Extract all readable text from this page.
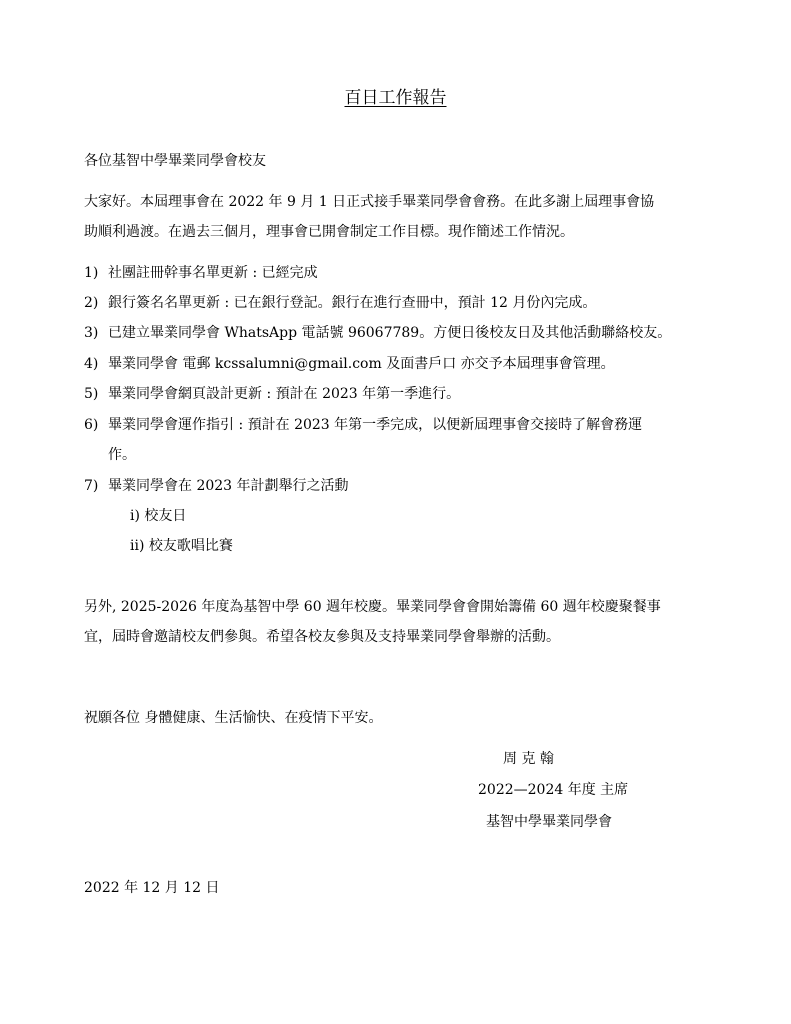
百日工作報告
各位基智中學畢業同學會校友
大家好。本屆理事會在 2022 年 9 月 1 日正式接手畢業同學會會務。在此多謝上屆理事會協
助順利過渡。在過去三個月，理事會已開會制定工作目標。現作簡述工作情況。
1) 社團註冊幹事名單更新 : 已經完成
2) 銀行簽名名單更新 : 已在銀行登記。銀行在進行查冊中，預計 12 月份內完成。
3) 已建立畢業同學會 WhatsApp 電話號 96067789。方便日後校友日及其他活動聯絡校友。
4) 畢業同學會 電郵 kcssalumni@gmail.com 及面書戶口 亦交予本屆理事會管理。
5) 畢業同學會網頁設計更新 : 預計在 2023 年第一季進行。
6) 畢業同學會運作指引 : 預計在 2023 年第一季完成，以便新屆理事會交接時了解會務運
作。
7) 畢業同學會在 2023 年計劃舉行之活動
i) 校友日
ii) 校友歌唱比賽
另外, 2025-2026 年度為基智中學 60 週年校慶。畢業同學會會開始籌備 60 週年校慶聚餐事
宜，屆時會邀請校友們參與。希望各校友參與及支持畢業同學會舉辦的活動。
祝願各位 身體健康、生活愉快、在疫情下平安。
周 克 翰
2022—2024 年度 主席
基智中學畢業同學會
2022 年 12 月 12 日
